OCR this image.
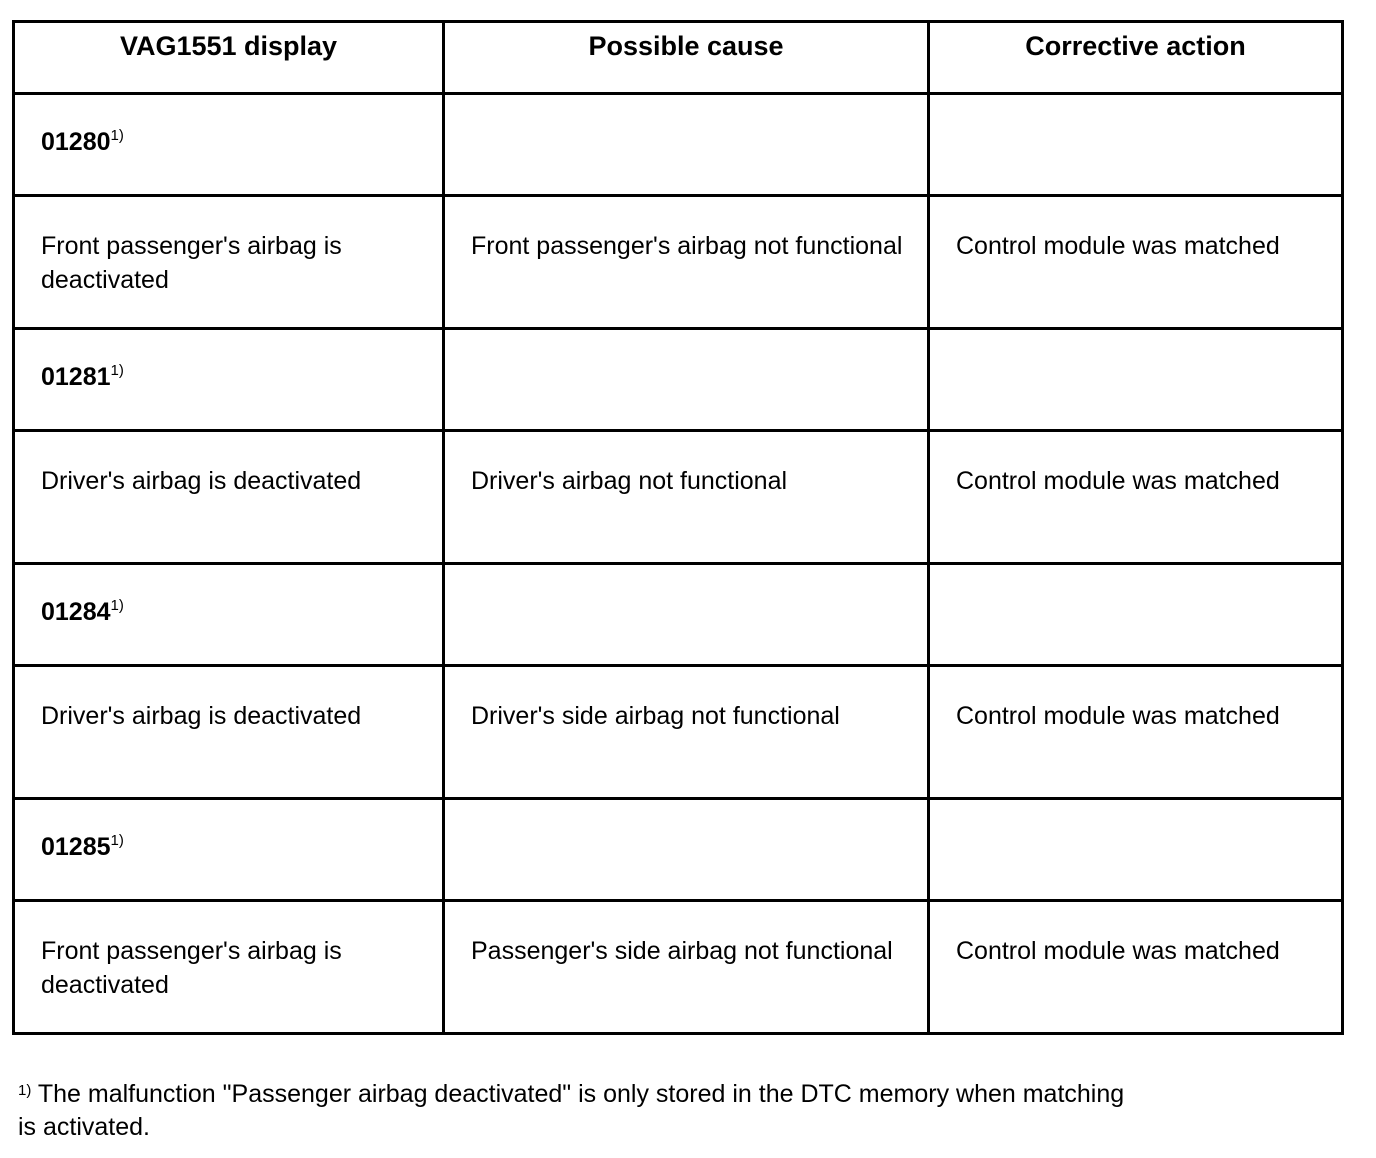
VAG1551 display	Possible cause	Corrective action

01280$^{1)}$

Front passenger's airbag is deactivated	Front passenger's airbag not functional	Control module was matched

01281$^{1)}$

Driver's airbag is deactivated	Driver's airbag not functional	Control module was matched

01284$^{1)}$

Driver's airbag is deactivated	Driver's side airbag not functional	Control module was matched

01285$^{1)}$

Front passenger's airbag is deactivated	Passenger's side airbag not functional	Control module was matched
$^{1)}$ The malfunction "Passenger airbag deactivated" is only stored in the DTC memory when matching is activated.
